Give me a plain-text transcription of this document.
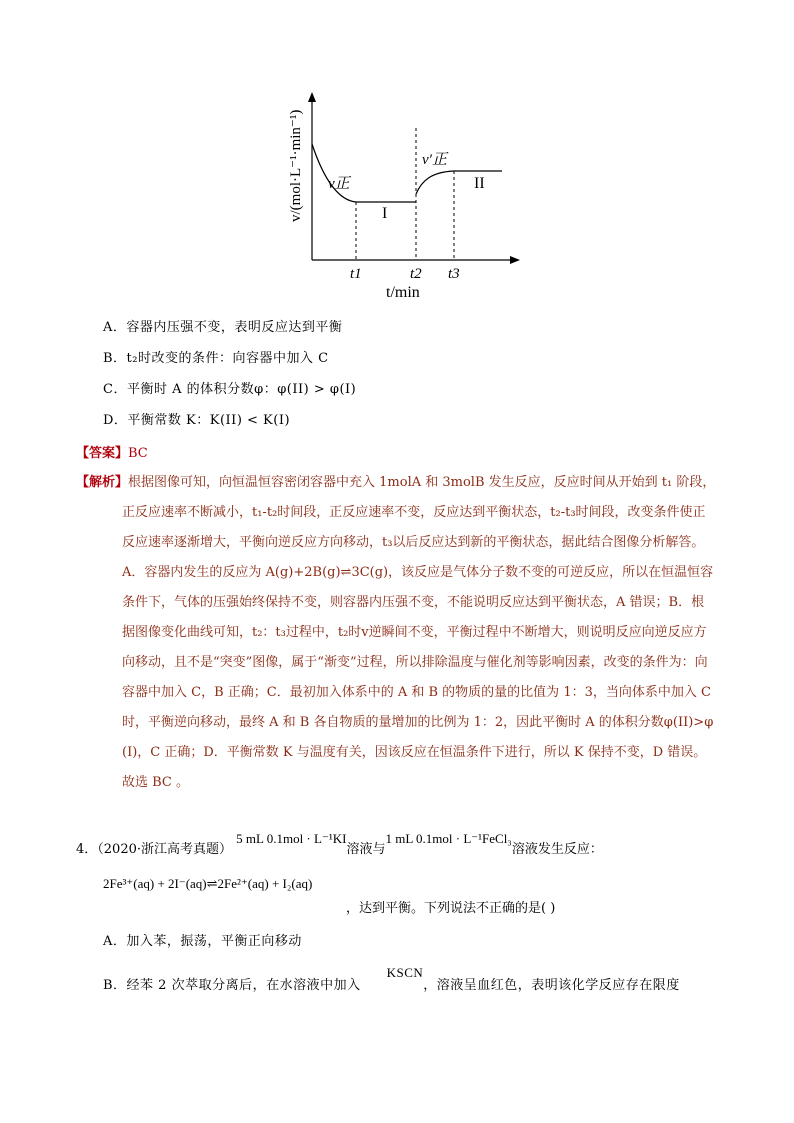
v/(mol·L⁻¹·min⁻¹) v正
v′正
I
II
t1	t2 t3
t/min
A．容器内压强不变，表明反应达到平衡
B．t₂时改变的条件：向容器中加入 C
C．平衡时 A 的体积分数φ：φ(II) > φ(I)
D．平衡常数 K：K(II) < K(I)
【答案】BC
【解析】根据图像可知，向恒温恒容密闭容器中充入 1molA 和 3molB 发生反应，反应时间从开始到 t₁ 阶段，
正反应速率不断减小，t₁-t₂时间段，正反应速率不变，反应达到平衡状态，t₂-t₃时间段，改变条件使正
反应速率逐渐增大，平衡向逆反应方向移动，t₃以后反应达到新的平衡状态，据此结合图像分析解答。
A．容器内发生的反应为 A(g)+2B(g)⇌3C(g)，该反应是气体分子数不变的可逆反应，所以在恒温恒容
条件下，气体的压强始终保持不变，则容器内压强不变，不能说明反应达到平衡状态，A 错误；B．根
据图像变化曲线可知，t₂：t₃过程中，t₂时v逆瞬间不变，平衡过程中不断增大，则说明反应向逆反应方
向移动，且不是“突变”图像，属于“渐变”过程，所以排除温度与催化剂等影响因素，改变的条件为：向
容器中加入 C，B 正确；C．最初加入体系中的 A 和 B 的物质的量的比值为 1：3，当向体系中加入 C
时，平衡逆向移动，最终 A 和 B 各自物质的量增加的比例为 1：2，因此平衡时 A 的体积分数φ(II)>φ
(I)，C 正确；D．平衡常数 K 与温度有关，因该反应在恒温条件下进行，所以 K 保持不变，D 错误。
故选 BC 。
4．（2020·浙江高考真题） 5 mL 0.1mol · L⁻¹KI溶液与1 mL 0.1mol · L⁻¹FeCl₃溶液发生反应：
2Fe³⁺(aq) + 2I⁻(aq)⇌2Fe²⁺(aq) + I₂(aq)
，达到平衡。下列说法不正确的是( )
A．加入苯，振荡，平衡正向移动
B．经苯 2 次萃取分离后，在水溶液中加入KSCN，溶液呈血红色，表明该化学反应存在限度
